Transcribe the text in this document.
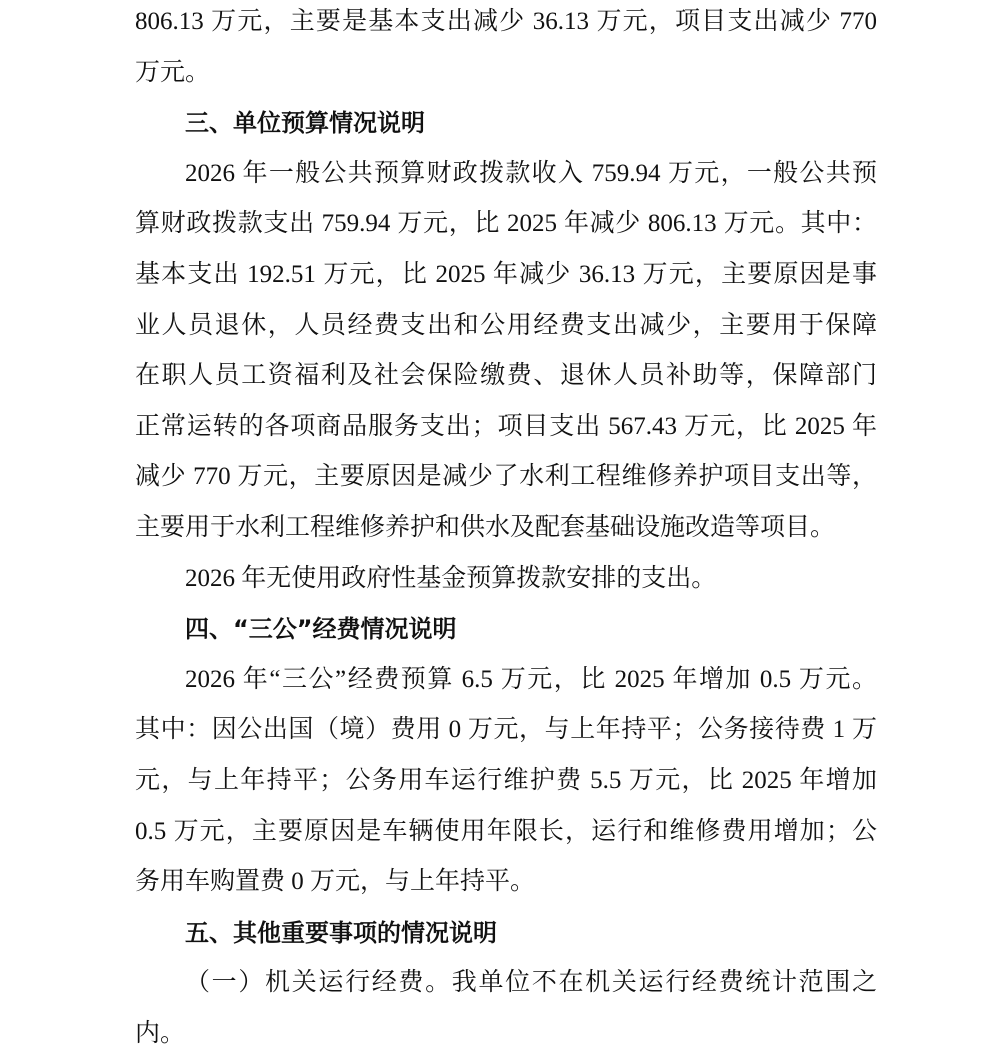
806.13 万元，主要是基本支出减少 36.13 万元，项目支出减少 770
万元。
三、单位预算情况说明
2026 年一般公共预算财政拨款收入 759.94 万元，一般公共预
算财政拨款支出 759.94 万元，比 2025 年减少 806.13 万元。其中：
基本支出 192.51 万元，比 2025 年减少 36.13 万元，主要原因是事
业人员退休，人员经费支出和公用经费支出减少，主要用于保障
在职人员工资福利及社会保险缴费、退休人员补助等，保障部门
正常运转的各项商品服务支出；项目支出 567.43 万元，比 2025 年
减少 770 万元，主要原因是减少了水利工程维修养护项目支出等，
主要用于水利工程维修养护和供水及配套基础设施改造等项目。
2026 年无使用政府性基金预算拨款安排的支出。
四、“三公”经费情况说明
2026 年“三公”经费预算 6.5 万元，比 2025 年增加 0.5 万元。
其中：因公出国（境）费用 0 万元，与上年持平；公务接待费 1 万
元，与上年持平；公务用车运行维护费 5.5 万元，比 2025 年增加
0.5 万元，主要原因是车辆使用年限长，运行和维修费用增加；公
务用车购置费 0 万元，与上年持平。
五、其他重要事项的情况说明
（一）机关运行经费。我单位不在机关运行经费统计范围之
内。
